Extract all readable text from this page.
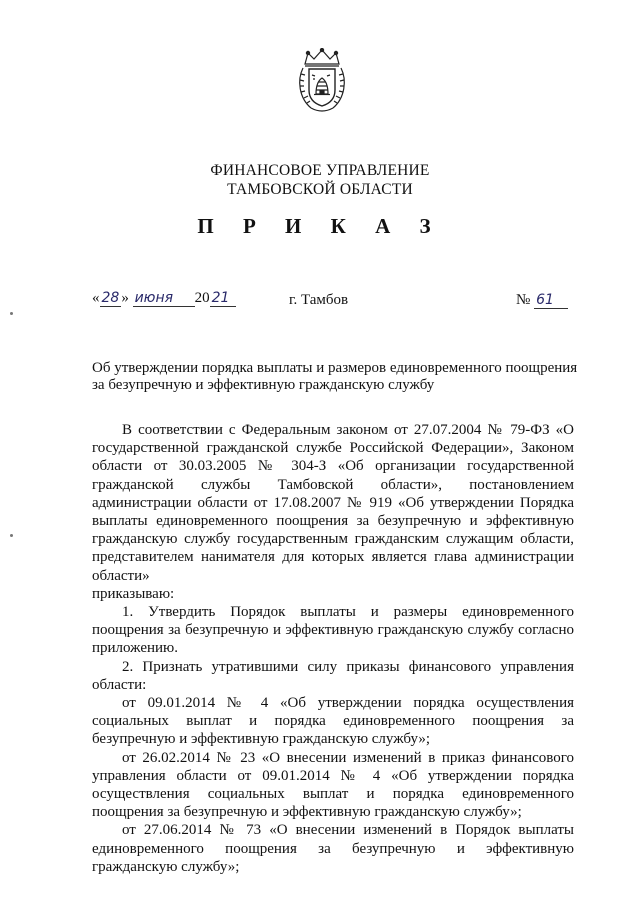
ФИНАНСОВОЕ УПРАВЛЕНИЕ
ТАМБОВСКОЙ ОБЛАСТИ
П Р И К А З
« 28 » июня 20 21	г. Тамбов	№ 61
Об утверждении порядка выплаты и размеров единовременного поощрения
за безупречную и эффективную гражданскую службу

В соответствии с Федеральным законом от 27.07.2004 № 79-ФЗ «О государственной гражданской службе Российской Федерации», Законом области от 30.03.2005 № 304-З «Об организации государственной гражданской службы Тамбовской области», постановлением администрации области от 17.08.2007 № 919 «Об утверждении Порядка выплаты единовременного поощрения за безупречную и эффективную гражданскую службу государственным гражданским служащим области, представителем нанимателя для которых является глава администрации области»

приказываю:

1. Утвердить Порядок выплаты и размеры единовременного поощрения за безупречную и эффективную гражданскую службу согласно приложению.

2. Признать утратившими силу приказы финансового управления области:

от 09.01.2014 № 4 «Об утверждении порядка осуществления социальных выплат и порядка единовременного поощрения за безупречную и эффективную гражданскую службу»;

от 26.02.2014 № 23 «О внесении изменений в приказ финансового управления области от 09.01.2014 № 4 «Об утверждении порядка осуществления социальных выплат и порядка единовременного поощрения за безупречную и эффективную гражданскую службу»;

от 27.06.2014 № 73 «О внесении изменений в Порядок выплаты единовременного поощрения за безупречную и эффективную гражданскую службу»;
